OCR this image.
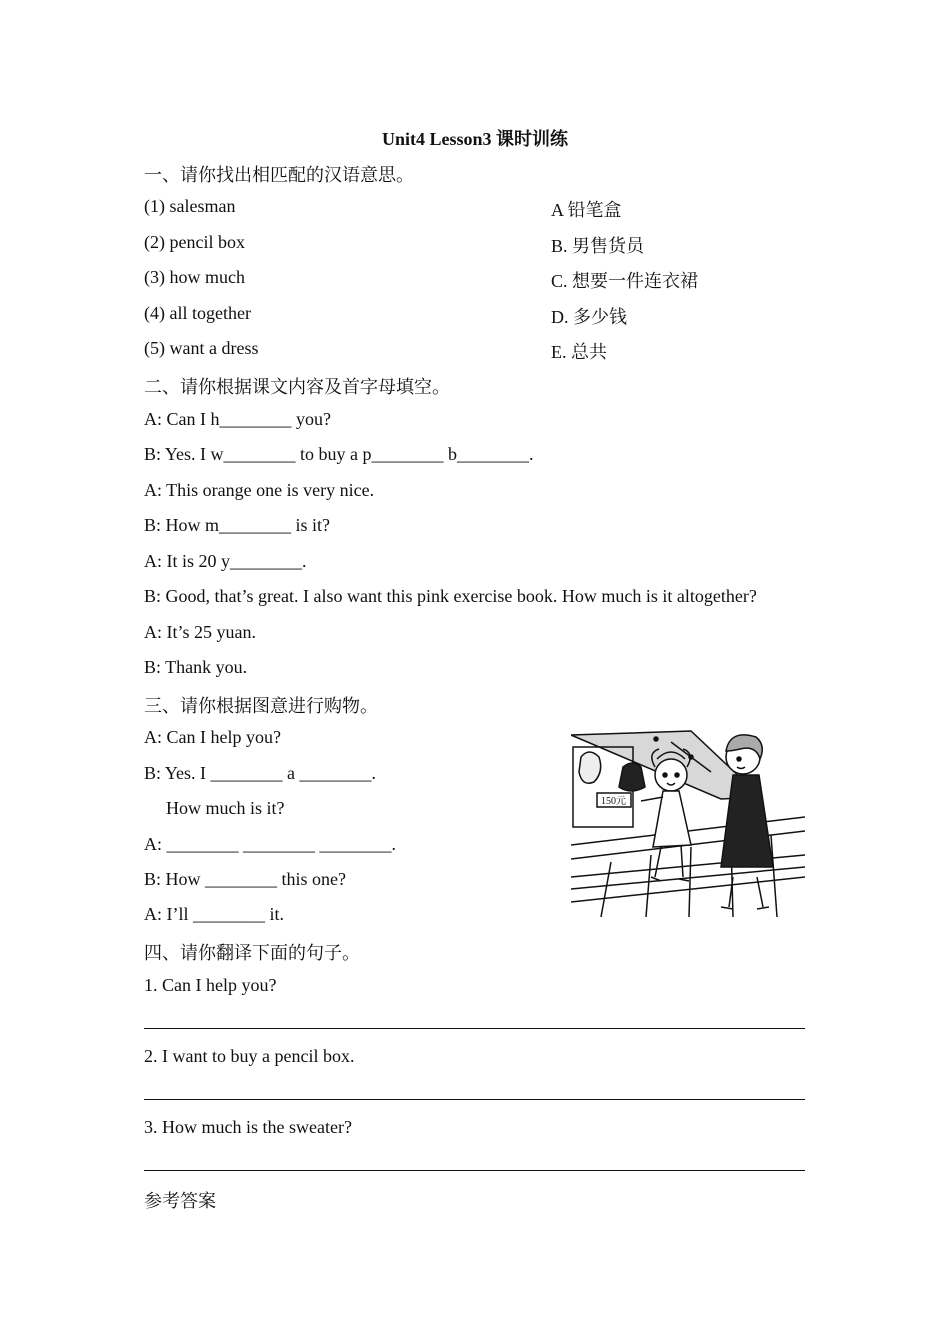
Unit4 Lesson3 课时训练
一、请你找出相匹配的汉语意思。
(1) salesman	A 铅笔盒
(2) pencil box	B. 男售货员
(3) how much	C. 想要一件连衣裙
(4) all together	D. 多少钱
(5) want a dress	E. 总共
二、请你根据课文内容及首字母填空。
A: Can I h________ you?
B: Yes. I w________ to buy a p________ b________.
A: This orange one is very nice.
B: How m________ is it?
A: It is 20 y________.
B: Good, that’s great. I also want this pink exercise book. How much is it altogether?
A: It’s 25 yuan.
B: Thank you.
三、请你根据图意进行购物。
A: Can I help you?
B: Yes. I ________ a ________.
How much is it?
A: ________ ________ ________.
B: How ________ this one?
A: I’ll ________ it.
150元
四、请你翻译下面的句子。
1. Can I help you?
2. I want to buy a pencil box.
3. How much is the sweater?
参考答案
